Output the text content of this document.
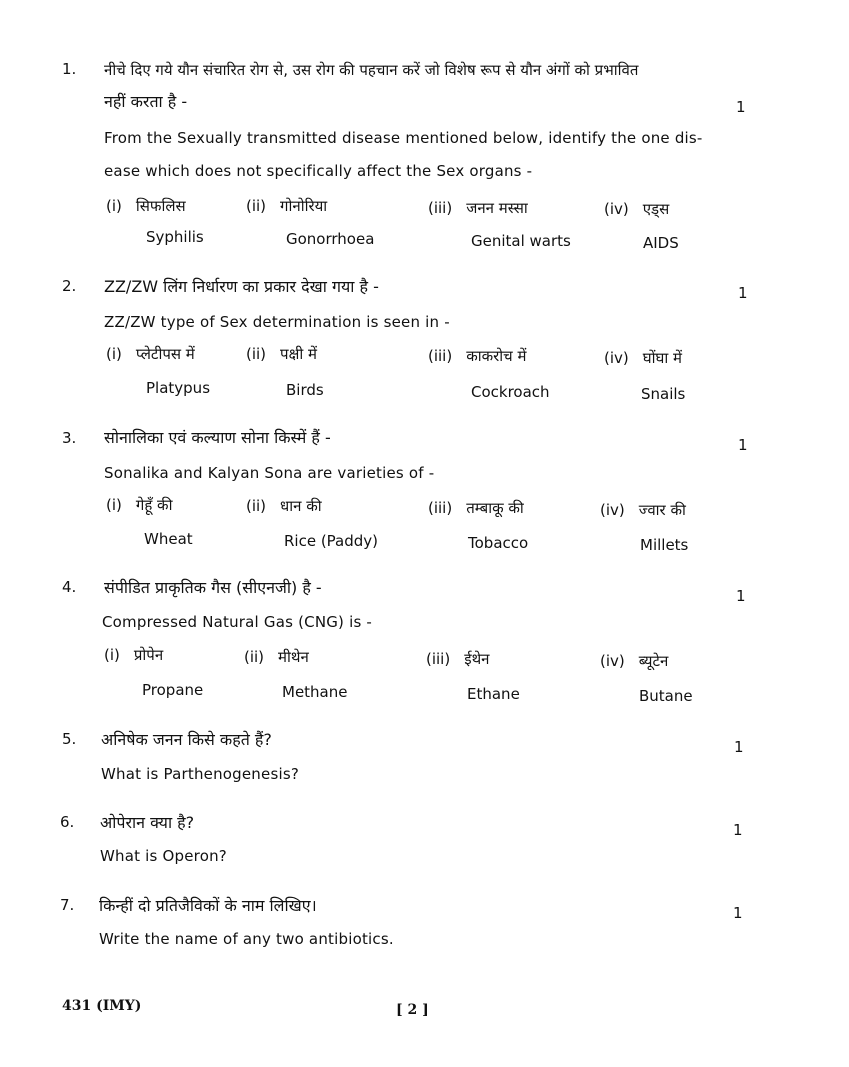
1. नीचे दिए गये यौन संचारित रोग से, उस रोग की पहचान करें जो विशेष रूप से यौन अंगों को प्रभावित
नहीं करता है -	1
From the Sexually transmitted disease mentioned below, identify the one dis-
ease which does not specifically affect the Sex organs -
(i) सिफलिस	(ii) गोनोरिया	(iii) जनन मस्सा	(iv) एड्स
Syphilis	Gonorrhoea	Genital warts	AIDS
2. ZZ/ZW लिंग निर्धारण का प्रकार देखा गया है -	1
ZZ/ZW type of Sex determination is seen in -
(i) प्लेटीपस में	(ii) पक्षी में	(iii) काकरोच में	(iv) घोंघा में
Platypus	Birds	Cockroach	Snails
3. सोनालिका एवं कल्याण सोना किस्में हैं -	1
Sonalika and Kalyan Sona are varieties of -
(i) गेहूँ की	(ii) धान की	(iii) तम्बाकू की	(iv) ज्वार की
Wheat	Rice (Paddy)	Tobacco	Millets
4. संपीडित प्राकृतिक गैस (सीएनजी) है -	1
Compressed Natural Gas (CNG) is -
(i) प्रोपेन	(ii) मीथेन	(iii) ईथेन	(iv) ब्यूटेन
Propane	Methane	Ethane	Butane
5. अनिषेक जनन किसे कहते हैं?	1
What is Parthenogenesis?
6. ओपेरान क्या है?	1
What is Operon?
7. किन्हीं दो प्रतिजैविकों के नाम लिखिए।	1
Write the name of any two antibiotics.
431 (IMY)	[ 2 ]
